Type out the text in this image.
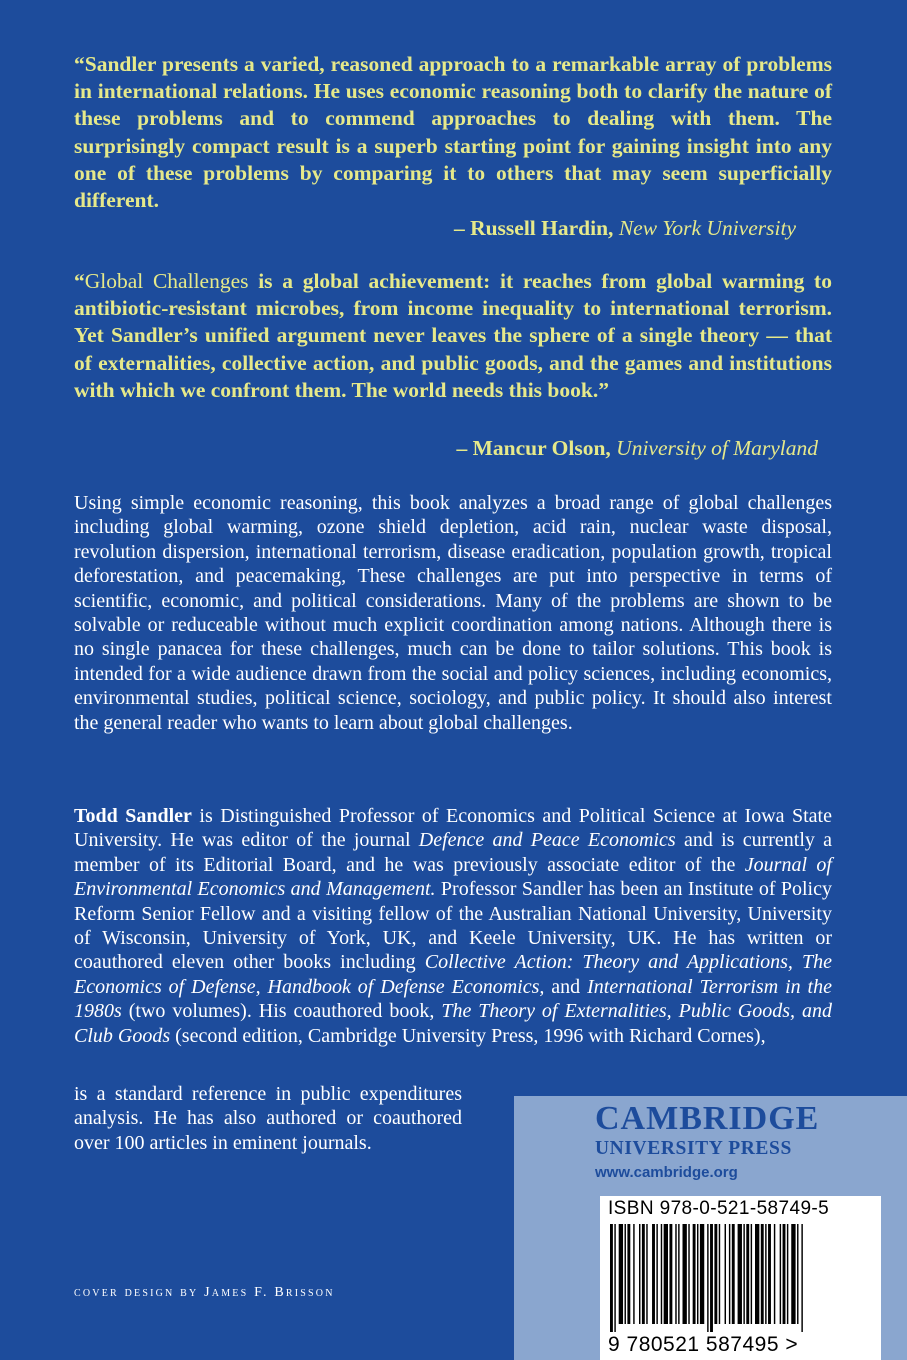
“Sandler presents a varied, reasoned approach to a remarkable array of problems in international relations. He uses economic reasoning both to clarify the nature of these problems and to commend approaches to dealing with them. The surprisingly compact result is a superb starting point for gaining insight into any one of these problems by comparing it to others that may seem superficially different.

– Russell Hardin, New York University

“Global Challenges is a global achievement: it reaches from global warming to antibiotic-resistant microbes, from income inequality to international terrorism. Yet Sandler’s unified argument never leaves the sphere of a single theory — that of externalities, collective action, and public goods, and the games and institutions with which we confront them. The world needs this book.”

– Mancur Olson, University of Maryland

Using simple economic reasoning, this book analyzes a broad range of global challenges including global warming, ozone shield depletion, acid rain, nuclear waste disposal, revolution dispersion, international terrorism, disease eradication, population growth, tropical deforestation, and peacemaking, These challenges are put into perspective in terms of scientific, economic, and political considerations. Many of the problems are shown to be solvable or reduceable without much explicit coordination among nations. Although there is no single panacea for these challenges, much can be done to tailor solutions. This book is intended for a wide audience drawn from the social and policy sciences, including economics, environmental studies, political science, sociology, and public policy. It should also interest the general reader who wants to learn about global challenges.

Todd Sandler is Distinguished Professor of Economics and Political Science at Iowa State University. He was editor of the journal Defence and Peace Economics and is currently a member of its Editorial Board, and he was previously associate editor of the Journal of Environmental Economics and Management. Professor Sandler has been an Institute of Policy Reform Senior Fellow and a visiting fellow of the Australian National University, University of Wisconsin, University of York, UK, and Keele University, UK. He has written or coauthored eleven other books including Collective Action: Theory and Applications, The Economics of Defense, Handbook of Defense Economics, and International Terrorism in the 1980s (two volumes). His coauthored book, The Theory of Externalities, Public Goods, and Club Goods (second edition, Cambridge University Press, 1996 with Richard Cornes),

is a standard reference in public expenditures analysis. He has also authored or coauthored over 100 articles in eminent journals.

cover design by James F. Brisson
CAMBRIDGE
UNIVERSITY PRESS
www.cambridge.org
ISBN 978-0-521-58749-5
9 780521 587495 >
